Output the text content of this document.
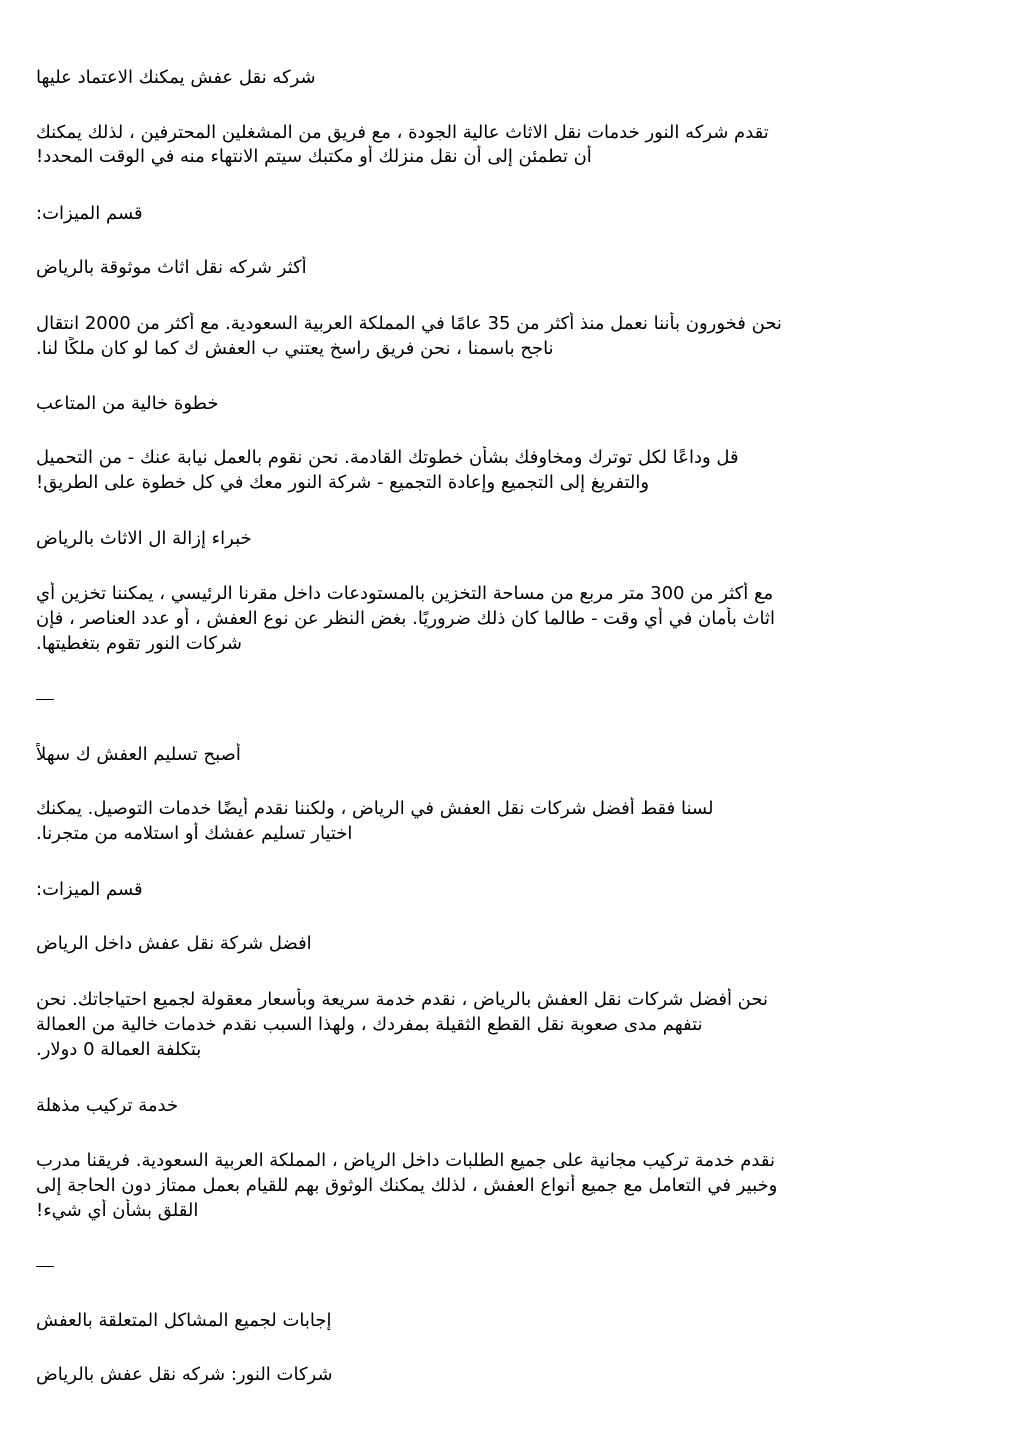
شركه نقل عفش يمكنك الاعتماد عليها
تقدم شركه النور خدمات نقل الاثاث عالية الجودة ، مع فريق من المشغلين المحترفين ، لذلك يمكنك
أن تطمئن إلى أن نقل منزلك أو مكتبك سيتم الانتهاء منه في الوقت المحدد!
قسم الميزات:
أكثر شركه نقل اثاث موثوقة بالرياض
نحن فخورون بأننا نعمل منذ أكثر من 35 عامًا في المملكة العربية السعودية. مع أكثر من 2000 انتقال
ناجح باسمنا ، نحن فريق راسخ يعتني ب العفش ك كما لو كان ملكًا لنا.
خطوة خالية من المتاعب
قل وداعًا لكل توترك ومخاوفك بشأن خطوتك القادمة. نحن نقوم بالعمل نيابة عنك - من التحميل
والتفريغ إلى التجميع وإعادة التجميع - شركة النور معك في كل خطوة على الطريق!
خبراء إزالة ال الاثاث بالرياض
مع أكثر من 300 متر مربع من مساحة التخزين بالمستودعات داخل مقرنا الرئيسي ، يمكننا تخزين أي
اثاث بأمان في أي وقت - طالما كان ذلك ضروريًا. بغض النظر عن نوع العفش ، أو عدد العناصر ، فإن
شركات النور تقوم بتغطيتها.
أصبح تسليم العفش ك سهلاً
لسنا فقط أفضل شركات نقل العفش في الرياض ، ولكننا نقدم أيضًا خدمات التوصيل. يمكنك
اختيار تسليم عفشك أو استلامه من متجرنا.
قسم الميزات:
افضل شركة نقل عفش داخل الرياض
نحن أفضل شركات نقل العفش بالرياض ، نقدم خدمة سريعة وبأسعار معقولة لجميع احتياجاتك. نحن
نتفهم مدى صعوبة نقل القطع الثقيلة بمفردك ، ولهذا السبب نقدم خدمات خالية من العمالة
بتكلفة العمالة 0 دولار.
خدمة تركيب مذهلة
نقدم خدمة تركيب مجانية على جميع الطلبات داخل الرياض ، المملكة العربية السعودية. فريقنا مدرب
وخبير في التعامل مع جميع أنواع العفش ، لذلك يمكنك الوثوق بهم للقيام بعمل ممتاز دون الحاجة إلى
القلق بشأن أي شيء!
إجابات لجميع المشاكل المتعلقة بالعفش
شركات النور: شركه نقل عفش بالرياض
